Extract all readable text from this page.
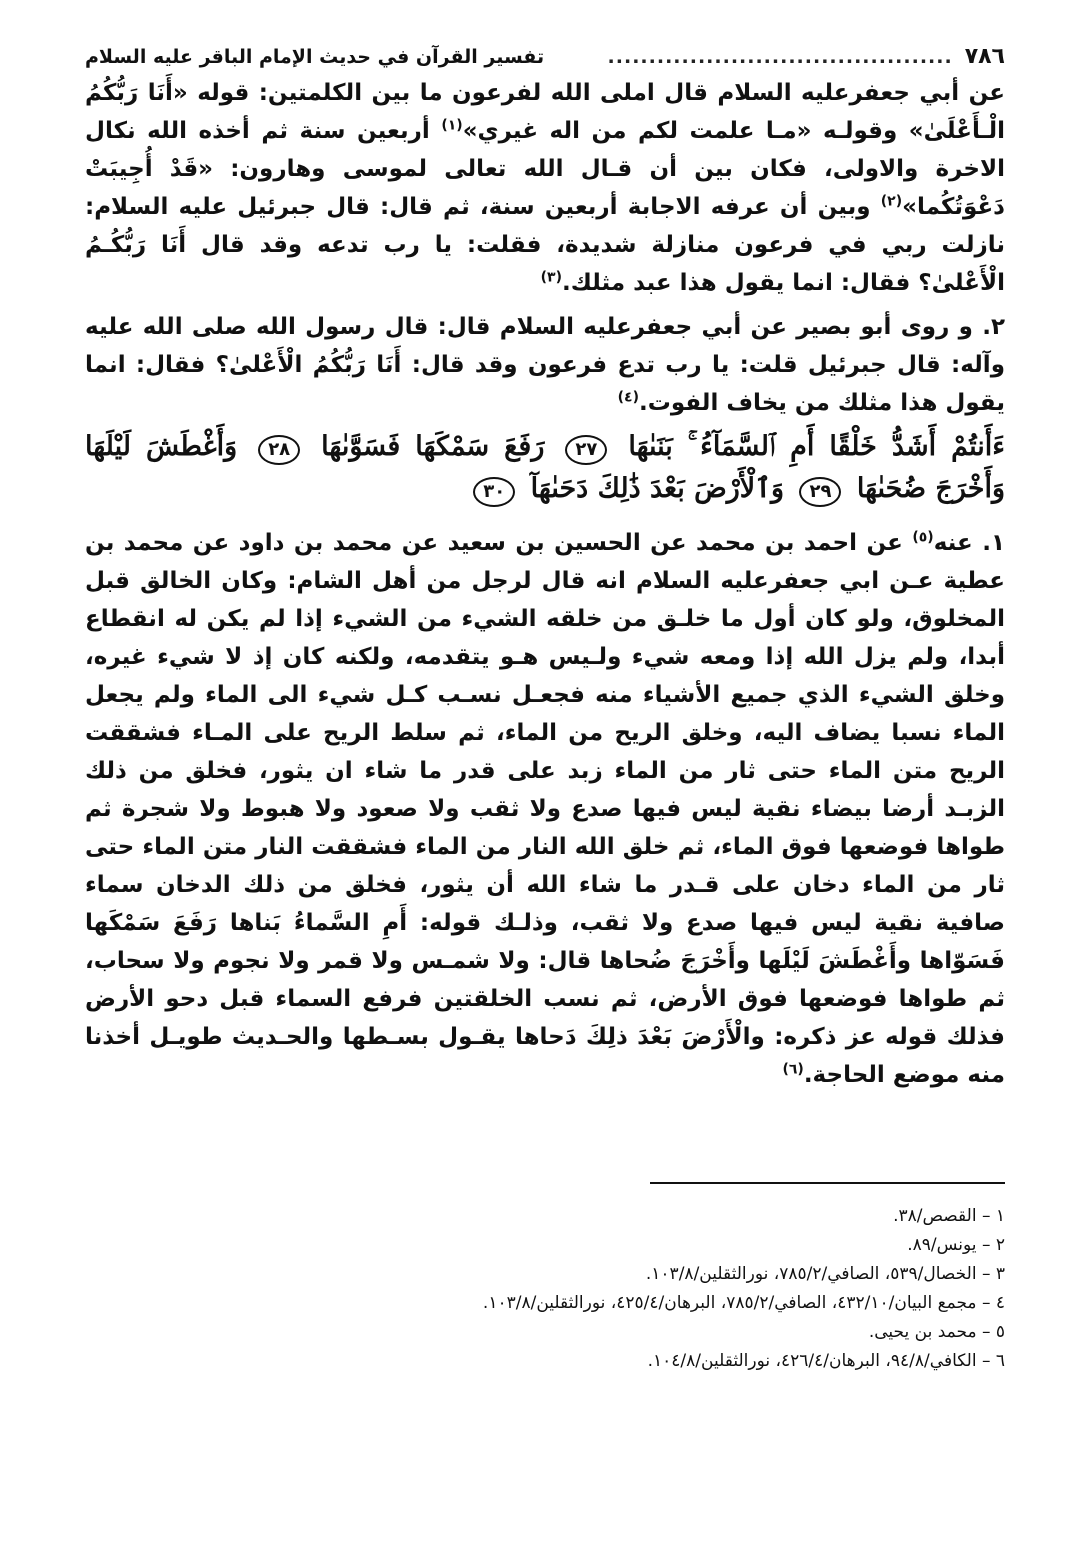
٧٨٦
..........................................
تفسير القرآن في حديث الإمام الباقر عليه السلام

عن أبي جعفرعليه السلام قال املى الله لفرعون ما بين الكلمتين: قوله «أَنَا رَبُّكُمُ الْـأَعْلَىٰ» وقولـه «مـا علمت لكم من اله غيري»$^{(١)}$ أربعين سنة ثم أخذه الله نكال الاخرة والاولى، فكان بين أن قـال الله تعالى لموسى وهارون: «قَدْ أُجِيبَتْ دَعْوَتُكُما»$^{(٢)}$ وبين أن عرفه الاجابة أربعين سنة، ثم قال: قال جبرئيل عليه السلام: نازلت ربي في فرعون منازلة شديدة، فقلت: يا رب تدعه وقد قال أَنَا رَبُّكُـمُ الْأَعْلىٰ؟ فقال: انما يقول هذا عبد مثلك.$^{(٣)}$

٢. و روى أبو بصير عن أبي جعفرعليه السلام قال: قال رسول الله صلى الله عليه وآله: قال جبرئيل قلت: يا رب تدع فرعون وقد قال: أَنَا رَبُّكُمُ الْأَعْلىٰ؟ فقال: انما يقول هذا مثلك من يخاف الفوت.$^{(٤)}$

ءَأَنتُمْ أَشَدُّ خَلْقًا أَمِ ٱلسَّمَآءُ ۚ بَنَىٰهَا ٢٧ رَفَعَ سَمْكَهَا فَسَوَّىٰهَا ٢٨ وَأَغْطَشَ لَيْلَهَا وَأَخْرَجَ ضُحَىٰهَا ٢٩ وَٱلْأَرْضَ بَعْدَ ذَٰلِكَ دَحَىٰهَآ ٣٠

١. عنه$^{(٥)}$ عن احمد بن محمد عن الحسين بن سعيد عن محمد بن داود عن محمد بن عطية عـن ابي جعفرعليه السلام انه قال لرجل من أهل الشام: وكان الخالق قبل المخلوق، ولو كان أول ما خلـق من خلقه الشيء من الشيء إذا لم يكن له انقطاع أبدا، ولم يزل الله إذا ومعه شيء ولـيس هـو يتقدمه، ولكنه كان إذ لا شيء غيره، وخلق الشيء الذي جميع الأشياء منه فجعـل نسـب كـل شيء الى الماء ولم يجعل الماء نسبا يضاف اليه، وخلق الريح من الماء، ثم سلط الريح على المـاء فشققت الريح متن الماء حتى ثار من الماء زبد على قدر ما شاء ان يثور، فخلق من ذلك الزبـد أرضا بيضاء نقية ليس فيها صدع ولا ثقب ولا صعود ولا هبوط ولا شجرة ثم طواها فوضعها فوق الماء، ثم خلق الله النار من الماء فشققت النار متن الماء حتى ثار من الماء دخان على قـدر ما شاء الله أن يثور، فخلق من ذلك الدخان سماء صافية نقية ليس فيها صدع ولا ثقب، وذلـك قوله: أَمِ السَّماءُ بَناها رَفَعَ سَمْكَها فَسَوّاها وأَغْطَشَ لَيْلَها وأَخْرَجَ ضُحاها قال: ولا شمـس ولا قمر ولا نجوم ولا سحاب، ثم طواها فوضعها فوق الأرض، ثم نسب الخلقتين فرفع السماء قبل دحو الأرض فذلك قوله عز ذكره: والْأَرْضَ بَعْدَ ذلِكَ دَحاها يقـول بسـطها والحـديث طويـل أخذنا منه موضع الحاجة.$^{(٦)}$

١ – القصص/٣٨.
٢ – يونس/٨٩.
٣ – الخصال/٥٣٩، الصافي/٧٨٥/٢، نورالثقلين/١٠٣/٨.
٤ – مجمع البيان/٤٣٢/١٠، الصافي/٧٨٥/٢، البرهان/٤٢٥/٤، نورالثقلين/١٠٣/٨.
٥ – محمد بن يحيى.
٦ – الكافي/٩٤/٨، البرهان/٤٢٦/٤، نورالثقلين/١٠٤/٨.
